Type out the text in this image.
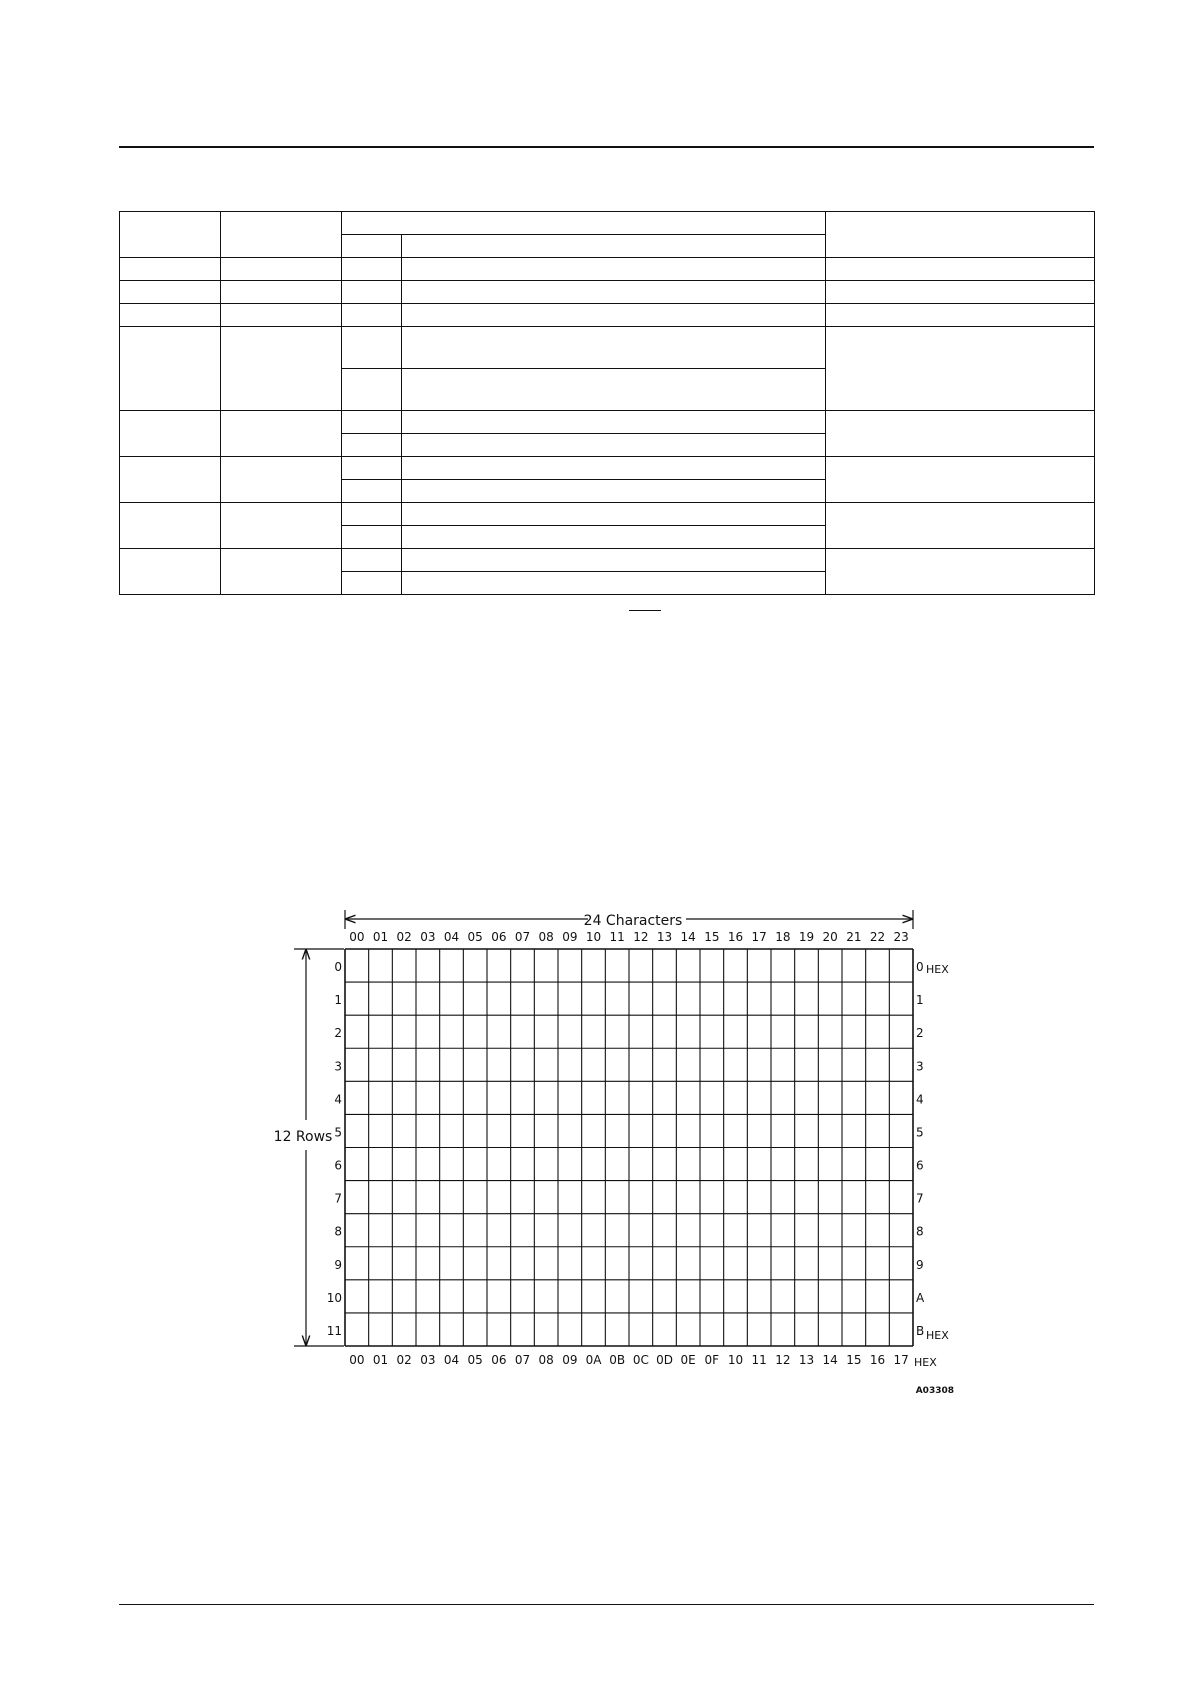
24 Characters
12 Rows
A03308
00 01 02 03 04 05 06 07 08 09 10 11 12 13 14 15 16 17 18 19 20 21 22 23
00 01 02 03 04 05 06 07 08 09 0A 0B 0C 0D 0E 0F 10 11 12 13 14 15 16 17
0
1
2
3
4
5
6
7
8
9
10
11
0
1
2
3
4
5
6
7
8
9
A
B
HEX
HEX
HEX
